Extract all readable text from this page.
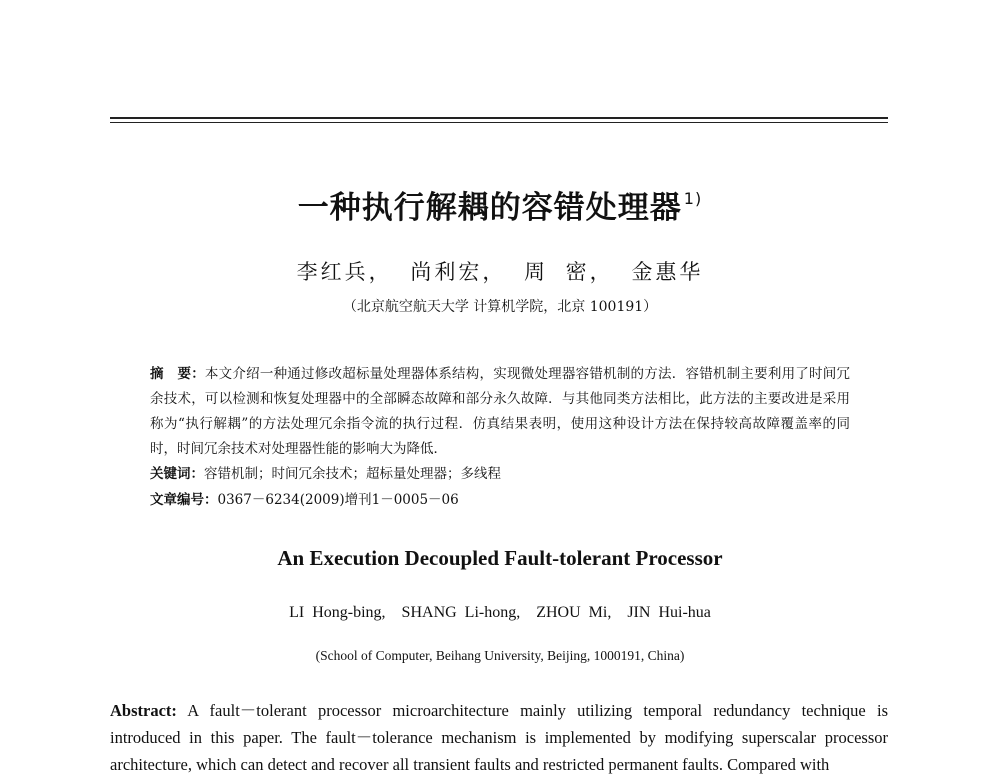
一种执行解耦的容错处理器 $^{1)}$
李红兵， 尚利宏， 周 密， 金惠华
（北京航空航天大学 计算机学院，北京 100191）
摘　要：本文介绍一种通过修改超标量处理器体系结构，实现微处理器容错机制的方法．容错机制主要利用了时间冗余技术，可以检测和恢复处理器中的全部瞬态故障和部分永久故障．与其他同类方法相比，此方法的主要改进是采用称为“执行解耦”的方法处理冗余指令流的执行过程．仿真结果表明，使用这种设计方法在保持较高故障覆盖率的同时，时间冗余技术对处理器性能的影响大为降低．
关键词：容错机制；时间冗余技术；超标量处理器；多线程
文章编号：0367－6234(2009)增刊1－0005－06
An Execution Decoupled Fault-tolerant Processor
LI Hong-bing,　SHANG Li-hong,　ZHOU Mi,　JIN Hui-hua
(School of Computer, Beihang University, Beijing, 1000191, China)
Abstract: A fault－tolerant processor microarchitecture mainly utilizing temporal redundancy technique is introduced in this paper. The fault－tolerance mechanism is implemented by modifying superscalar processor architecture, which can detect and recover all transient faults and restricted permanent faults. Compared with
